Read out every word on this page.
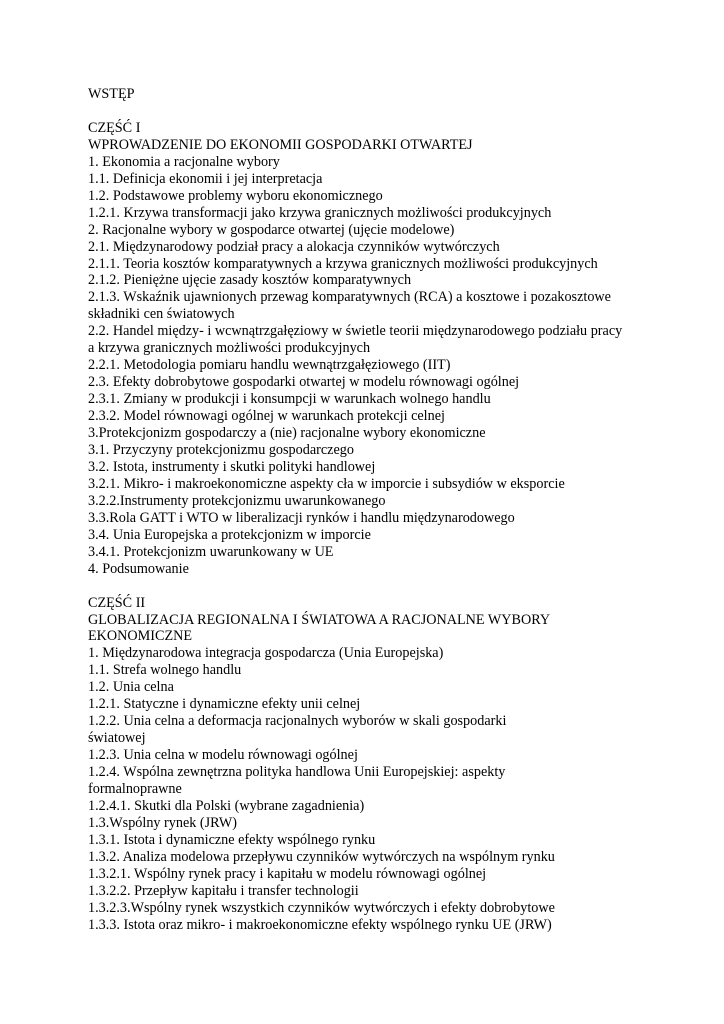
WSTĘP
CZĘŚĆ I
WPROWADZENIE DO EKONOMII GOSPODARKI OTWARTEJ
1. Ekonomia a racjonalne wybory
1.1. Definicja ekonomii i jej interpretacja
1.2. Podstawowe problemy wyboru ekonomicznego
1.2.1. Krzywa transformacji jako krzywa granicznych możliwości produkcyjnych
2. Racjonalne wybory w gospodarce otwartej (ujęcie modelowe)
2.1. Międzynarodowy podział pracy a alokacja czynników wytwórczych
2.1.1. Teoria kosztów komparatywnych a krzywa granicznych możliwości produkcyjnych
2.1.2. Pieniężne ujęcie zasady kosztów komparatywnych
2.1.3. Wskaźnik ujawnionych przewag komparatywnych (RCA) a kosztowe i pozakosztowe
składniki cen światowych
2.2. Handel między- i wcwnątrzgałęziowy w świetle teorii międzynarodowego podziału pracy
a krzywa granicznych możliwości produkcyjnych
2.2.1. Metodologia pomiaru handlu wewnątrzgałęziowego (IIT)
2.3. Efekty dobrobytowe gospodarki otwartej w modelu równowagi ogólnej
2.3.1. Zmiany w produkcji i konsumpcji w warunkach wolnego handlu
2.3.2. Model równowagi ogólnej w warunkach protekcji celnej
3.Protekcjonizm gospodarczy a (nie) racjonalne wybory ekonomiczne
3.1. Przyczyny protekcjonizmu gospodarczego
3.2. Istota, instrumenty i skutki polityki handlowej
3.2.1. Mikro- i makroekonomiczne aspekty cła w imporcie i subsydiów w eksporcie
3.2.2.Instrumenty protekcjonizmu uwarunkowanego
3.3.Rola GATT i WTO w liberalizacji rynków i handlu międzynarodowego
3.4. Unia Europejska a protekcjonizm w imporcie
3.4.1. Protekcjonizm uwarunkowany w UE
4. Podsumowanie
CZĘŚĆ II
GLOBALIZACJA REGIONALNA I ŚWIATOWA A RACJONALNE WYBORY
EKONOMICZNE
1. Międzynarodowa integracja gospodarcza (Unia Europejska)
1.1. Strefa wolnego handlu
1.2. Unia celna
1.2.1. Statyczne i dynamiczne efekty unii celnej
1.2.2. Unia celna a deformacja racjonalnych wyborów w skali gospodarki
światowej
1.2.3. Unia celna w modelu równowagi ogólnej
1.2.4. Wspólna zewnętrzna polityka handlowa Unii Europejskiej: aspekty
formalnoprawne
1.2.4.1. Skutki dla Polski (wybrane zagadnienia)
1.3.Wspólny rynek (JRW)
1.3.1. Istota i dynamiczne efekty wspólnego rynku
1.3.2. Analiza modelowa przepływu czynników wytwórczych na wspólnym rynku
1.3.2.1. Wspólny rynek pracy i kapitału w modelu równowagi ogólnej
1.3.2.2. Przepływ kapitału i transfer technologii
1.3.2.3.Wspólny rynek wszystkich czynników wytwórczych i efekty dobrobytowe
1.3.3. Istota oraz mikro- i makroekonomiczne efekty wspólnego rynku UE (JRW)
